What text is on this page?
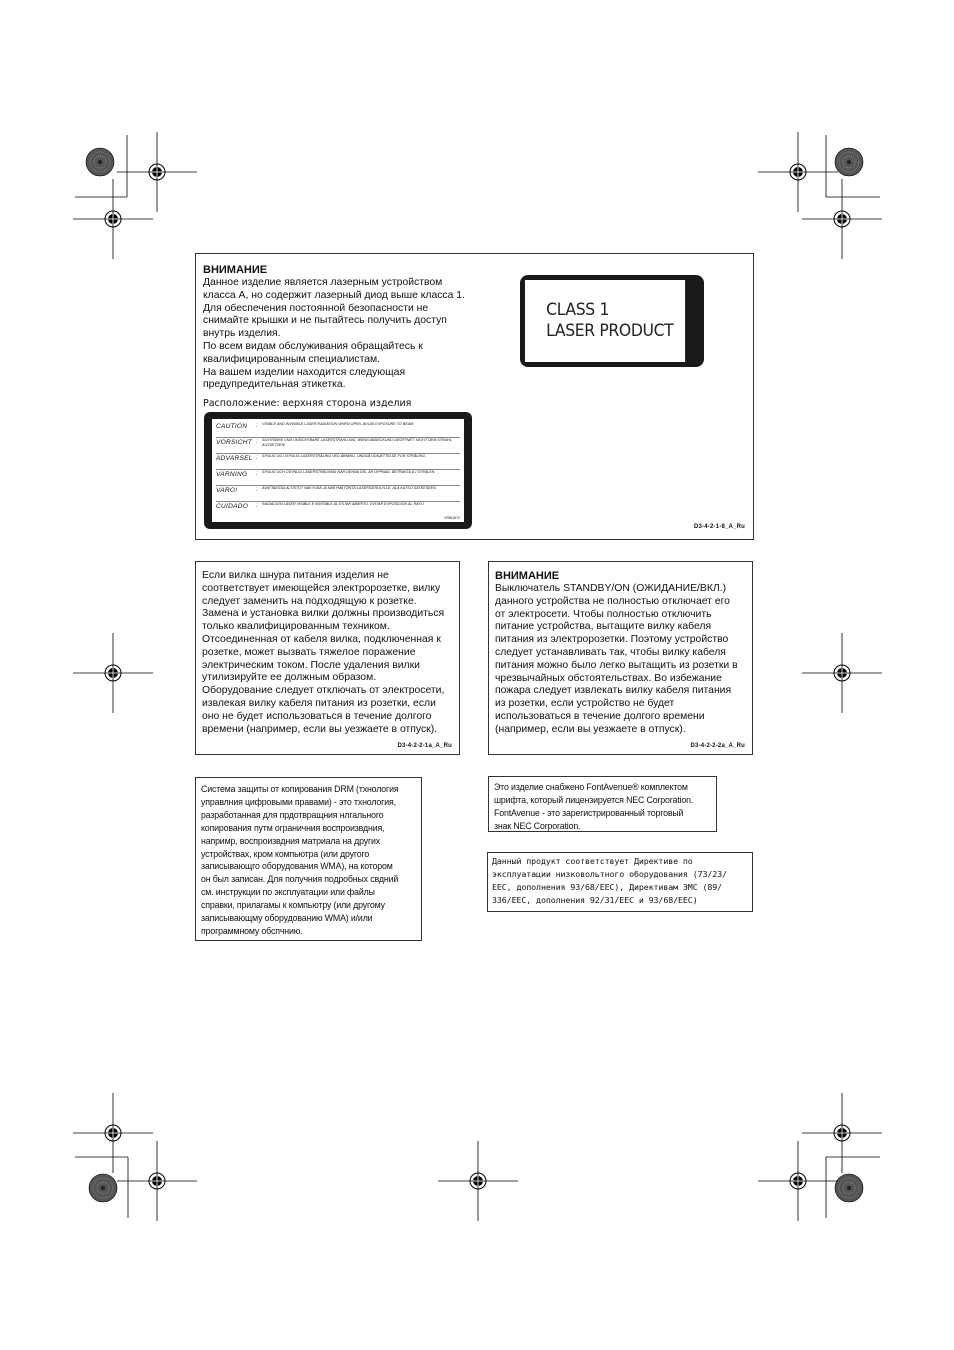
ВНИМАНИЕ
Данное изделие является лазерным устройством
класса А, но содержит лазерный диод выше класса 1.
Для обеспечения постоянной безопасности не
снимайте крышки и не пытайтесь получить доступ
внутрь изделия.
По всем видам обслуживания обращайтесь к
квалифицированным специалистам.
На вашем изделии находится следующая
предупредительная этикетка.
Расположение: верхняя сторона изделия
CLASS 1
LASER PRODUCT
CAUTION	:	VISIBLE AND INVISIBLE LASER RADIATION WHEN OPEN. AVOID EXPOSURE TO BEAM.
VORSICHT :	SICHTBARE UND UNSICHTBARE LASERSTRAHLUNG, WENN ABDECKUNG GEÖFFNET. NICHT DEM STRAHL AUSSETZEN!
ADVARSEL :	SYNLIG OG USYNLIG LASERSTRÅLING VED ÅBNING. UNDGÅ UDSÆTTELSE FOR STRÅLING.
VARNING	:	SYNLIG OCH OSYNLIG LASERSTRÅLNING NÄR DENNA DEL ÄR ÖPPNAD. BETRAKTA EJ STRÅLEN.
VARO!	:	AVATTAESSA ALTISTUT NÄKYVÄÄ JA NÄKYMÄTÖNTÄ LASERSÄTEILYLLE. ÄLÄ KATSO SÄTEESEEN.
CUIDADO	:	RADIACIÓN LÁSER VISIBLE E INVISIBLE AL ESTAR ABIERTO. EVITAR EXPOSICIÓN AL RAYO.
VRW1672
D3-4-2-1-8_A_Ru
Если вилка шнура питания изделия не
соответствует имеющейся электророзетке, вилку
следует заменить на подходящую к розетке.
Замена и установка вилки должны производиться
только квалифицированным техником.
Отсоединенная от кабеля вилка, подключенная к
розетке, может вызвать тяжелое поражение
электрическим током. После удаления вилки
утилизируйте ее должным образом.
Оборудование следует отключать от электросети,
извлекая вилку кабеля питания из розетки, если
оно не будет использоваться в течение долгого
времени (например, если вы уезжаете в отпуск).
D3-4-2-2-1a_A_Ru
ВНИМАНИЕ
Выключатель STANDBY/ON (ОЖИДАНИЕ/ВКЛ.)
данного устройства не полностью отключает его
от электросети. Чтобы полностью отключить
питание устройства, вытащите вилку кабеля
питания из электророзетки. Поэтому устройство
следует устанавливать так, чтобы вилку кабеля
питания можно было легко вытащить из розетки в
чрезвычайных обстоятельствах. Во избежание
пожара следует извлекать вилку кабеля питания
из розетки, если устройство не будет
использоваться в течение долгого времени
(например, если вы уезжаете в отпуск).
D3-4-2-2-2a_A_Ru
Система защиты от копирования DRM (тхнология
управлния цифровыми правами) - это тхнология,
разработанная для прдотвращния нлгального
копирования путм ограничния воспроизвдния,
напримр, воспроизвдния матриала на других
устройствах, кром компьютра (или другого
записывающго оборудования WMA), на котором
он был записан. Для получния подробных свдний
см. инструкции по эксплуатации или файлы
справки, прилагамы к компьютру (или другому
записывающму оборудованию WMA) и/или
программному обспчнию.
Это изделие снабжено FontAvenue® комплектом
шрифта, который лицензируется NEC Corporation.
FontAvenue - это зарегистрированный торговый
знак NEC Corporation.
Данный продукт соответствует Директиве по
эксплуатации низковольтного оборудования (73/23/
EEC, дополнения 93/68/EEC), Директивам ЭМС (89/
336/EEC, дополнения 92/31/EEC и 93/68/EEC)
